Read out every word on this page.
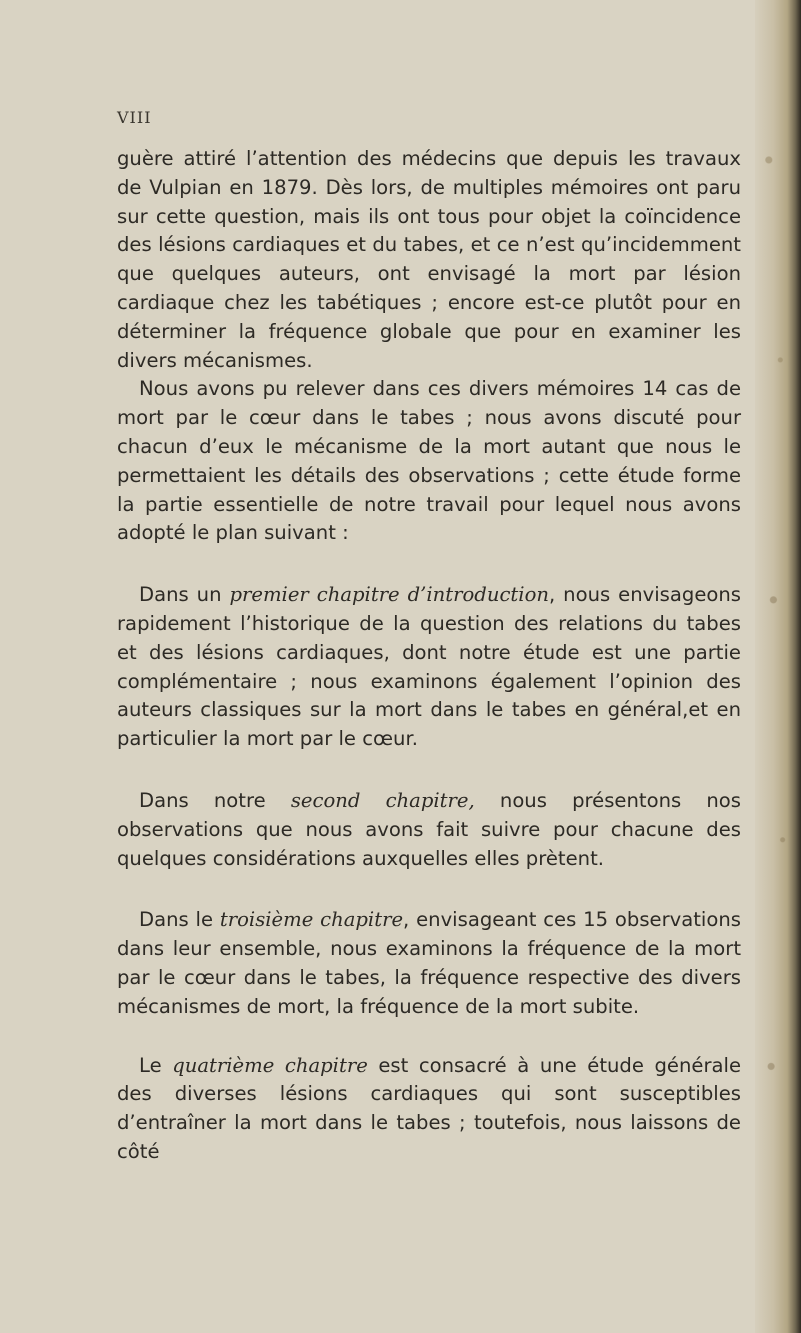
VIII

guère attiré l’attention des médecins que depuis les travaux de Vulpian en 1879. Dès lors, de multiples mémoires ont paru sur cette question, mais ils ont tous pour objet la coïncidence des lésions cardiaques et du tabes, et ce n’est qu’incidemment que quelques auteurs, ont envisagé la mort par lésion cardiaque chez les tabétiques ; encore est-ce plutôt pour en déterminer la fréquence globale que pour en examiner les divers mécanismes.

Nous avons pu relever dans ces divers mémoires 14 cas de mort par le cœur dans le tabes ; nous avons discuté pour chacun d’eux le mécanisme de la mort autant que nous le permettaient les détails des observations ; cette étude forme la partie essentielle de notre travail pour lequel nous avons adopté le plan suivant :

Dans un premier chapitre d’introduction, nous envisageons rapidement l’historique de la question des relations du tabes et des lésions cardiaques, dont notre étude est une partie complémentaire ; nous examinons également l’opinion des auteurs classiques sur la mort dans le tabes en général,et en particulier la mort par le cœur.

Dans notre second chapitre, nous présentons nos observations que nous avons fait suivre pour chacune des quelques considérations auxquelles elles prètent.

Dans le troisième chapitre, envisageant ces 15 observations dans leur ensemble, nous examinons la fréquence de la mort par le cœur dans le tabes, la fréquence respective des divers mécanismes de mort, la fréquence de la mort subite.

Le quatrième chapitre est consacré à une étude générale des diverses lésions cardiaques qui sont susceptibles d’entraîner la mort dans le tabes ; toutefois, nous laissons de côté
